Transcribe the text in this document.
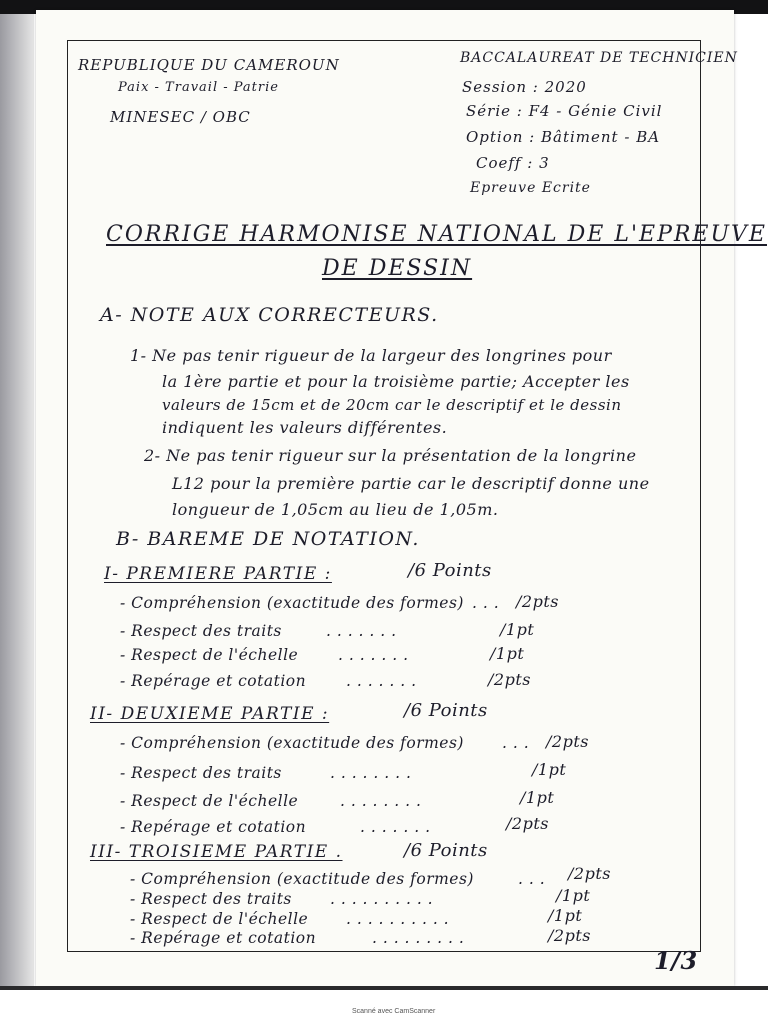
REPUBLIQUE DU CAMEROUN
Paix - Travail - Patrie
MINESEC / OBC
BACCALAUREAT DE TECHNICIEN
Session : 2020
Série : F4 - Génie Civil
Option : Bâtiment - BA
Coeff : 3
Epreuve Ecrite
CORRIGE HARMONISE NATIONAL DE L'EPREUVE
DE DESSIN
A- NOTE AUX CORRECTEURS.
1- Ne pas tenir rigueur de la largeur des longrines pour
la 1ère partie et pour la troisième partie; Accepter les
valeurs de 15cm et de 20cm car le descriptif et le dessin
indiquent les valeurs différentes.
2- Ne pas tenir rigueur sur la présentation de la longrine
L12 pour la première partie car le descriptif donne une
longueur de 1,05cm au lieu de 1,05m.
B- BAREME DE NOTATION.
I- PREMIERE PARTIE :	/6 Points
- Compréhension (exactitude des formes) . . . /2pts
- Respect des traits	. . . . . . .	/1pt
- Respect de l'échelle	. . . . . . .	/1pt
- Repérage et cotation	. . . . . . .	/2pts
II- DEUXIEME PARTIE :	/6 Points
- Compréhension (exactitude des formes) . . . /2pts
- Respect des traits	. . . . . . . .	/1pt
- Respect de l'échelle	. . . . . . . .	/1pt
- Repérage et cotation	. . . . . . .	/2pts
III- TROISIEME PARTIE .	/6 Points
- Compréhension (exactitude des formes)	. . . /2pts
- Respect des traits . . . . . . . . . .	/1pt
- Respect de l'échelle . . . . . . . . . .	/1pt
- Repérage et cotation	. . . . . . . . .	/2pts
1/3
Scanné avec CamScanner
